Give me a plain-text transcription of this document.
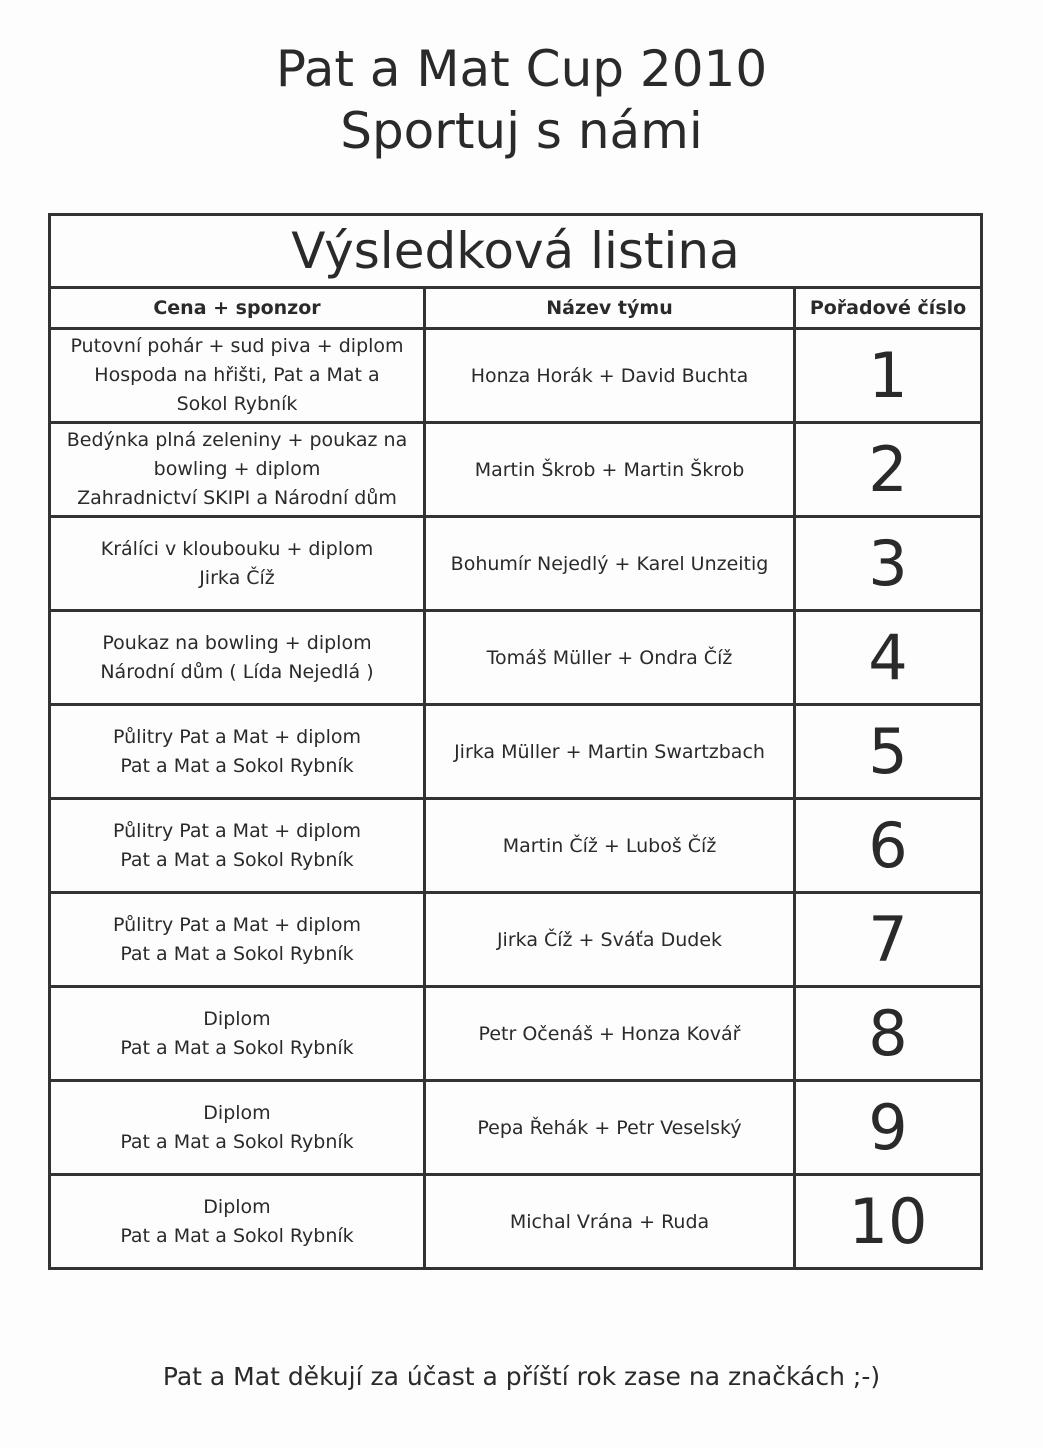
Pat a Mat Cup 2010
Sportuj s námi
Výsledková listina		
Cena + sponzor	Název týmu	Pořadové číslo

Putovní pohár + sud piva + diplom
Hospoda na hřišti, Pat a Mat a
Sokol Rybník	Honza Horák + David Buchta	1

Bedýnka plná zeleniny + poukaz na
bowling + diplom
Zahradnictví SKIPI a Národní dům	Martin Škrob + Martin Škrob	2

Králíci v kloubouku + diplom
Jirka Číž	Bohumír Nejedlý + Karel Unzeitig	3

Poukaz na bowling + diplom
Národní dům ( Lída Nejedlá )	Tomáš Müller + Ondra Číž	4

Půlitry Pat a Mat + diplom
Pat a Mat a Sokol Rybník	Jirka Müller + Martin Swartzbach	5

Půlitry Pat a Mat + diplom
Pat a Mat a Sokol Rybník	Martin Číž + Luboš Číž	6

Půlitry Pat a Mat + diplom
Pat a Mat a Sokol Rybník	Jirka Číž + Sváťa Dudek	7

Diplom
Pat a Mat a Sokol Rybník	Petr Očenáš + Honza Kovář	8

Diplom
Pat a Mat a Sokol Rybník	Pepa Řehák + Petr Veselský	9

Diplom
Pat a Mat a Sokol Rybník	Michal Vrána + Ruda	10
Pat a Mat děkují za účast a příští rok zase na značkách ;-)
